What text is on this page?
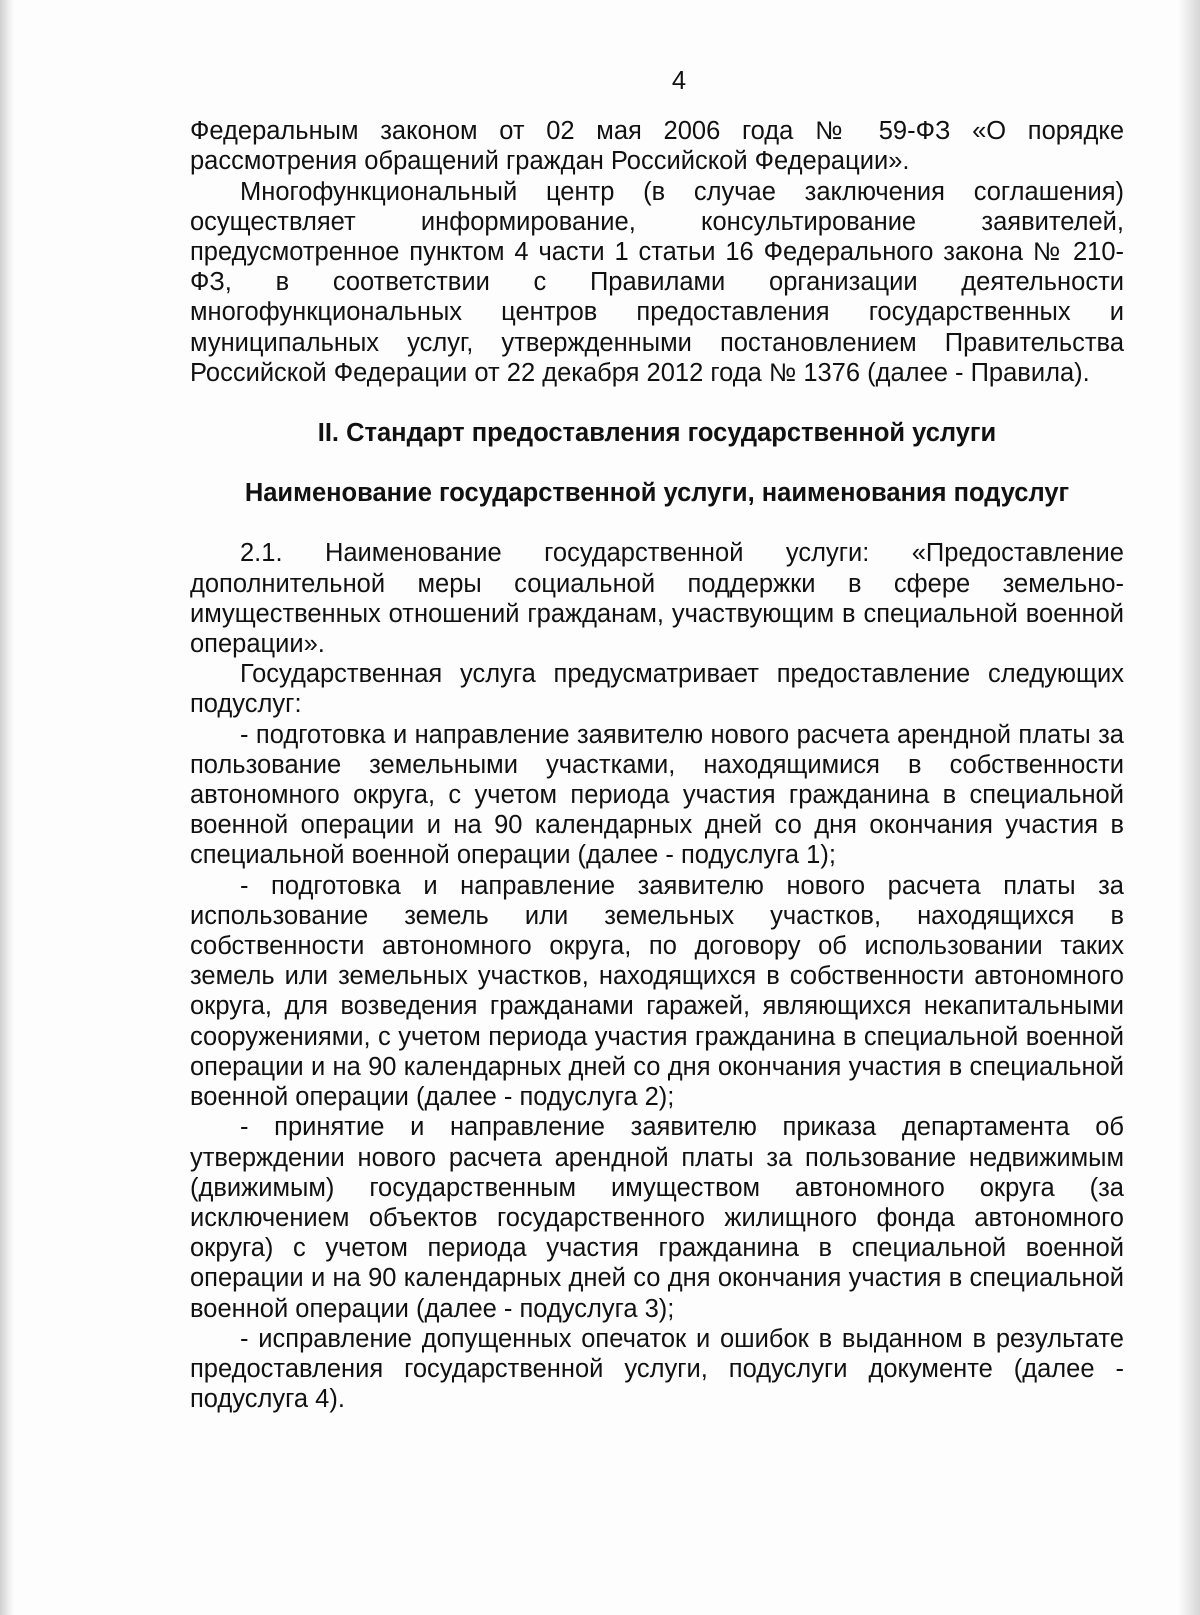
4

Федеральным законом от 02 мая 2006 года № 59-ФЗ «О порядке рассмотрения обращений граждан Российской Федерации».

Многофункциональный центр (в случае заключения соглашения) осуществляет информирование, консультирование заявителей, предусмотренное пунктом 4 части 1 статьи 16 Федерального закона № 210-ФЗ, в соответствии с Правилами организации деятельности многофункциональных центров предоставления государственных и муниципальных услуг, утвержденными постановлением Правительства Российской Федерации от 22 декабря 2012 года № 1376 (далее - Правила).

II. Стандарт предоставления государственной услуги
Наименование государственной услуги, наименования подуслуг

2.1. Наименование государственной услуги: «Предоставление дополнительной меры социальной поддержки в сфере земельно-имущественных отношений гражданам, участвующим в специальной военной операции».

Государственная услуга предусматривает предоставление следующих подуслуг:

- подготовка и направление заявителю нового расчета арендной платы за пользование земельными участками, находящимися в собственности автономного округа, с учетом периода участия гражданина в специальной военной операции и на 90 календарных дней со дня окончания участия в специальной военной операции (далее - подуслуга 1);

- подготовка и направление заявителю нового расчета платы за использование земель или земельных участков, находящихся в собственности автономного округа, по договору об использовании таких земель или земельных участков, находящихся в собственности автономного округа, для возведения гражданами гаражей, являющихся некапитальными сооружениями, с учетом периода участия гражданина в специальной военной операции и на 90 календарных дней со дня окончания участия в специальной военной операции (далее - подуслуга 2);

- принятие и направление заявителю приказа департамента об утверждении нового расчета арендной платы за пользование недвижимым (движимым) государственным имуществом автономного округа (за исключением объектов государственного жилищного фонда автономного округа) с учетом периода участия гражданина в специальной военной операции и на 90 календарных дней со дня окончания участия в специальной военной операции (далее - подуслуга 3);

- исправление допущенных опечаток и ошибок в выданном в результате предоставления государственной услуги, подуслуги документе (далее - подуслуга 4).
